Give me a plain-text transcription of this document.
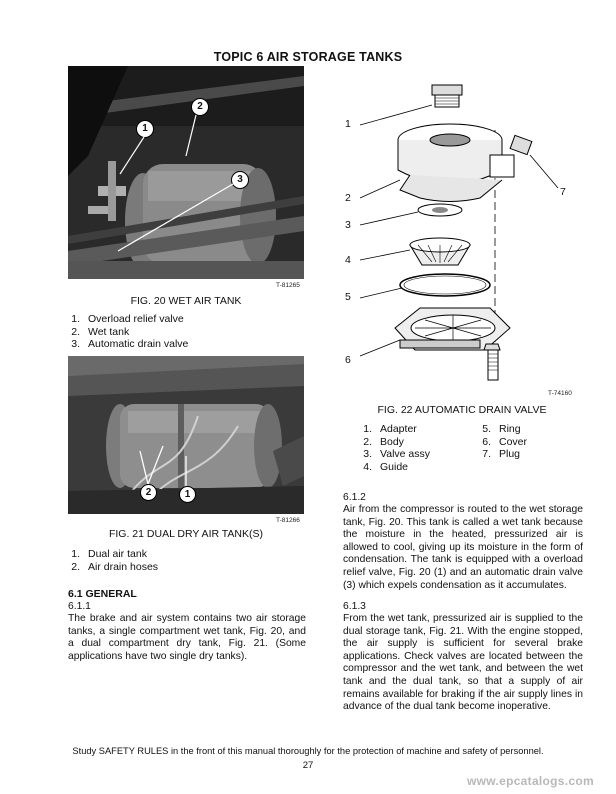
TOPIC 6 AIR STORAGE TANKS
1
2
3
T-81265
FIG. 20 WET AIR TANK
1. Overload relief valve
2. Wet tank
3. Automatic drain valve
2	1
T-81266
FIG. 21 DUAL DRY AIR TANK(S)
1. Dual air tank
2. Air drain hoses
6.1 GENERAL
6.1.1
The brake and air system contains two air storage tanks, a single compartment wet tank, Fig. 20, and a dual compartment dry tank, Fig. 21. (Some applications have two single dry tanks).
1
2
3
4
5
6
7
T-74160
FIG. 22 AUTOMATIC DRAIN VALVE
1. Adapter
2. Body
3. Valve assy
4. Guide
5. Ring
6. Cover
7. Plug
6.1.2
Air from the compressor is routed to the wet storage tank, Fig. 20. This tank is called a wet tank because the moisture in the heated, pressurized air is allowed to cool, giving up its moisture in the form of condensation. The tank is equipped with a overload relief valve, Fig. 20 (1) and an automatic drain valve (3) which expels condensation as it accumulates.
6.1.3
From the wet tank, pressurized air is supplied to the dual storage tank, Fig. 21. With the engine stopped, the air supply is sufficient for several brake applications. Check valves are located between the compressor and the wet tank, and between the wet tank and the dual tank, so that a supply of air remains available for braking if the air supply lines in advance of the dual tank become inoperative.
Study SAFETY RULES in the front of this manual thoroughly for the protection of machine and safety of personnel.
27
www.epcatalogs.com
